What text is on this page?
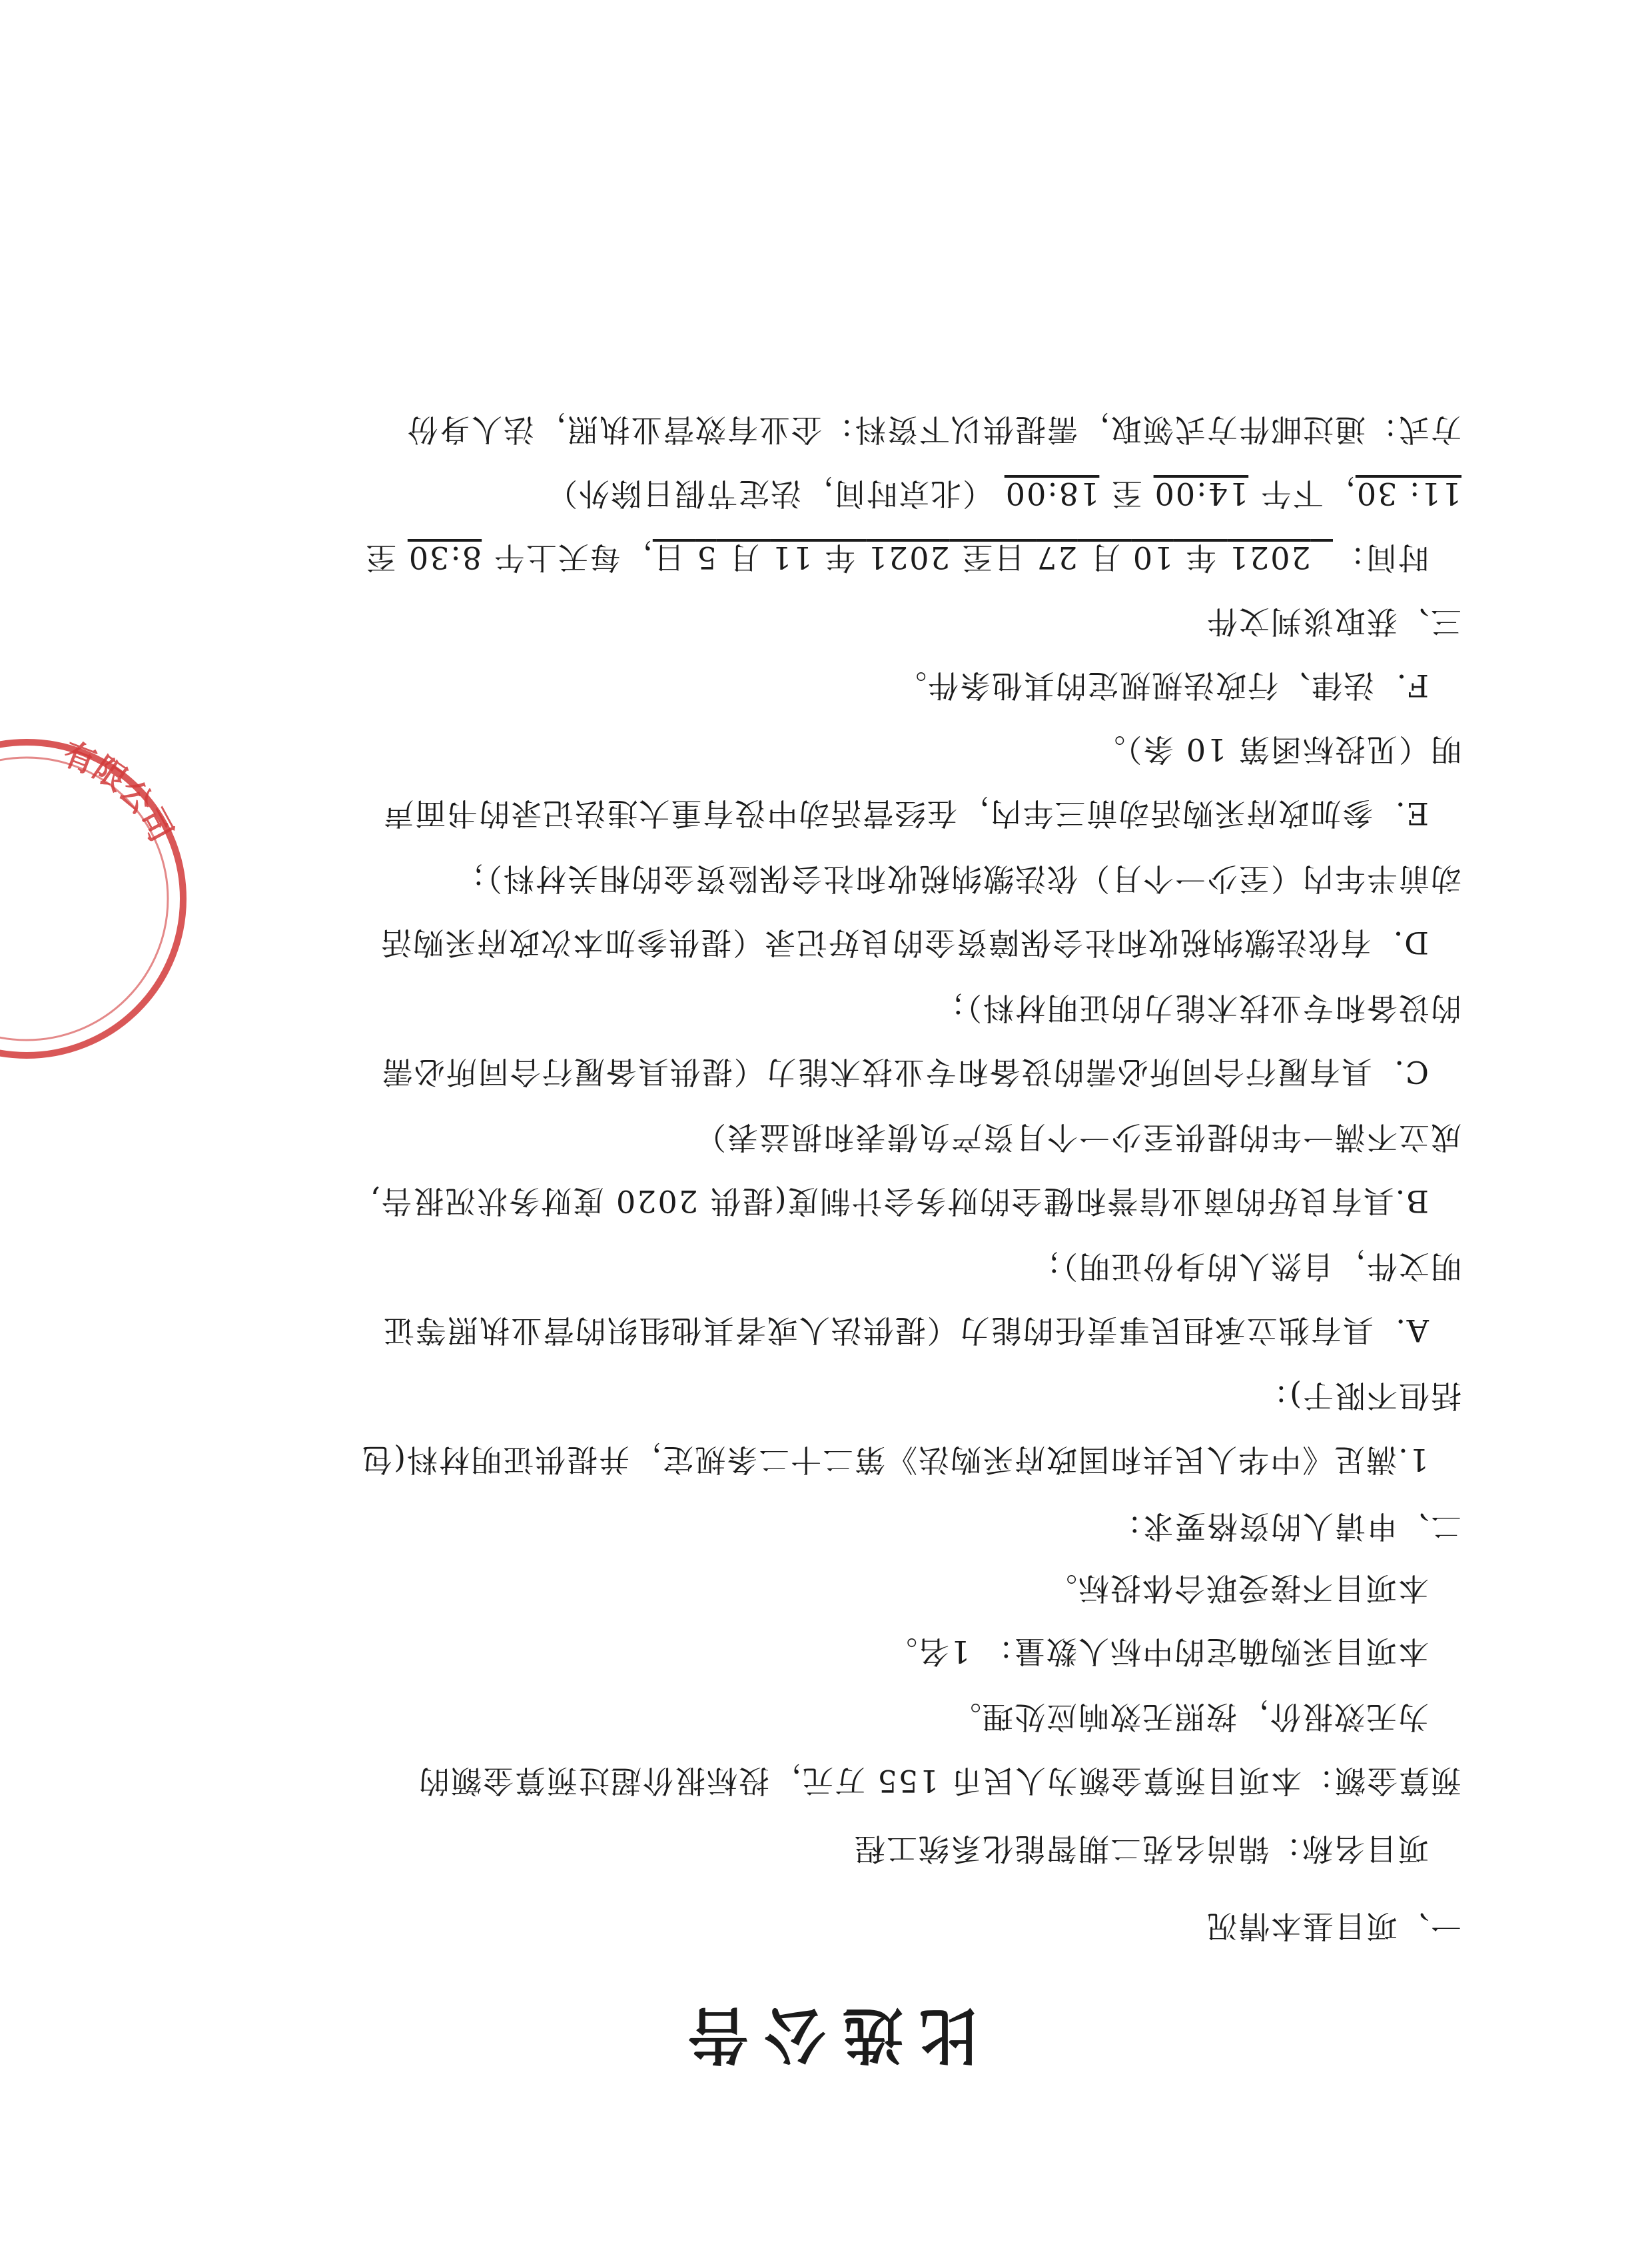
比选公告
一、项目基本情况
项目名称：锦尚名苑二期智能化系统工程
预算金额：本项目预算金额为人民币 155 万元，投标报价超过预算金额的
为无效报价，按照无效响应处理。
本项目采购确定的中标人数量： 1名。
本项目不接受联合体投标。
二、申请人的资格要求：
1.满足《中华人民共和国政府采购法》第二十二条规定，并提供证明材料(包
括但不限于)：
A．具有独立承担民事责任的能力（提供法人或者其他组织的营业执照等证
明文件，自然人的身份证明）；
B.具有良好的商业信誉和健全的财务会计制度(提供 2020 度财务状况报告,
成立不满一年的提供至少一个月资产负债表和损益表）
C．具有履行合同所必需的设备和专业技术能力（提供具备履行合同所必需
的设备和专业技术能力的证明材料）；
D．有依法缴纳税收和社会保障资金的良好记录（提供参加本次政府采购活
动前半年内（至少一个月）依法缴纳税收和社会保险资金的相关材料）；
E．参加政府采购活动前三年内，在经营活动中没有重大违法记录的书面声
明（见投标函第 10 条）。
F．法律、行政法规规定的其他条件。
三、获取谈判文件
时间：  2021 年 10 月 27 日至 2021 年 11 月 5 日，每天上午 8:30 至
11: 30，下午 14:00 至 18:00 （北京时间，法定节假日除外）
方式：通过邮件方式领取，需提供以下资料：企业有效营业执照，法人身份
有限公司
